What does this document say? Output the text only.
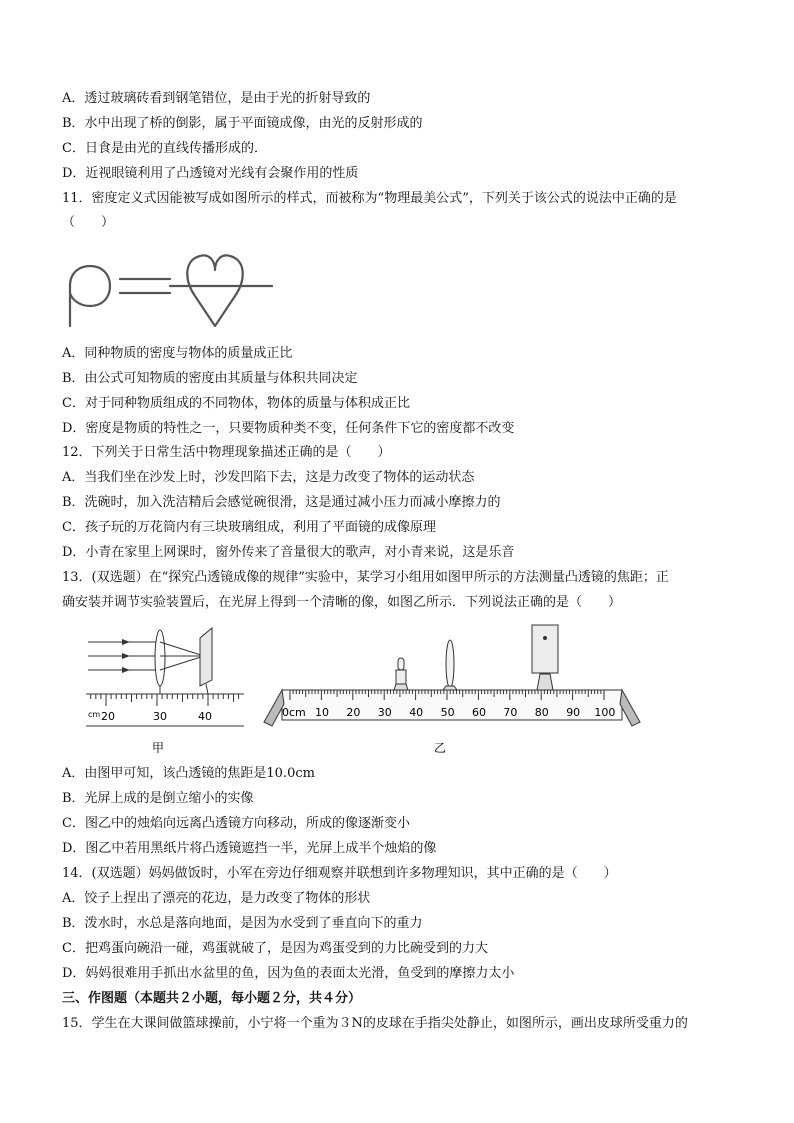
A．透过玻璃砖看到钢笔错位，是由于光的折射导致的
B．水中出现了桥的倒影，属于平面镜成像，由光的反射形成的
C．日食是由光的直线传播形成的．
D．近视眼镜利用了凸透镜对光线有会聚作用的性质
11．密度定义式因能被写成如图所示的样式，而被称为“物理最美公式”，下列关于该公式的说法中正确的是
（　　）
A．同种物质的密度与物体的质量成正比
B．由公式可知物质的密度由其质量与体积共同决定
C．对于同种物质组成的不同物体，物体的质量与体积成正比
D．密度是物质的特性之一，只要物质种类不变，任何条件下它的密度都不改变
12．下列关于日常生活中物理现象描述正确的是（　　）
A．当我们坐在沙发上时，沙发凹陷下去，这是力改变了物体的运动状态
B．洗碗时，加入洗洁精后会感觉碗很滑，这是通过减小压力而减小摩擦力的
C．孩子玩的万花筒内有三块玻璃组成，利用了平面镜的成像原理
D．小青在家里上网课时，窗外传来了音量很大的歌声，对小青来说，这是乐音
13．(双选题）在“探究凸透镜成像的规律”实验中，某学习小组用如图甲所示的方法测量凸透镜的焦距；正
确安装并调节实验装置后，在光屏上得到一个清晰的像，如图乙所示．下列说法正确的是（　　）
cm 20	30	40
甲
0cm 10 20 30 40 50 60 70 80 90 100
乙
A．由图甲可知，该凸透镜的焦距是10.0cm
B．光屏上成的是倒立缩小的实像
C．图乙中的烛焰向远离凸透镜方向移动，所成的像逐渐变小
D．图乙中若用黑纸片将凸透镜遮挡一半，光屏上成半个烛焰的像
14．(双选题）妈妈做饭时，小军在旁边仔细观察并联想到许多物理知识，其中正确的是（　　）
A．饺子上捏出了漂亮的花边，是力改变了物体的形状
B．泼水时，水总是落向地面，是因为水受到了垂直向下的重力
C．把鸡蛋向碗沿一碰，鸡蛋就破了，是因为鸡蛋受到的力比碗受到的力大
D．妈妈很难用手抓出水盆里的鱼，因为鱼的表面太光滑，鱼受到的摩擦力太小
三、作图题（本题共２小题，每小题２分，共４分）
15．学生在大课间做篮球操前，小宁将一个重为３N的皮球在手指尖处静止，如图所示，画出皮球所受重力的
